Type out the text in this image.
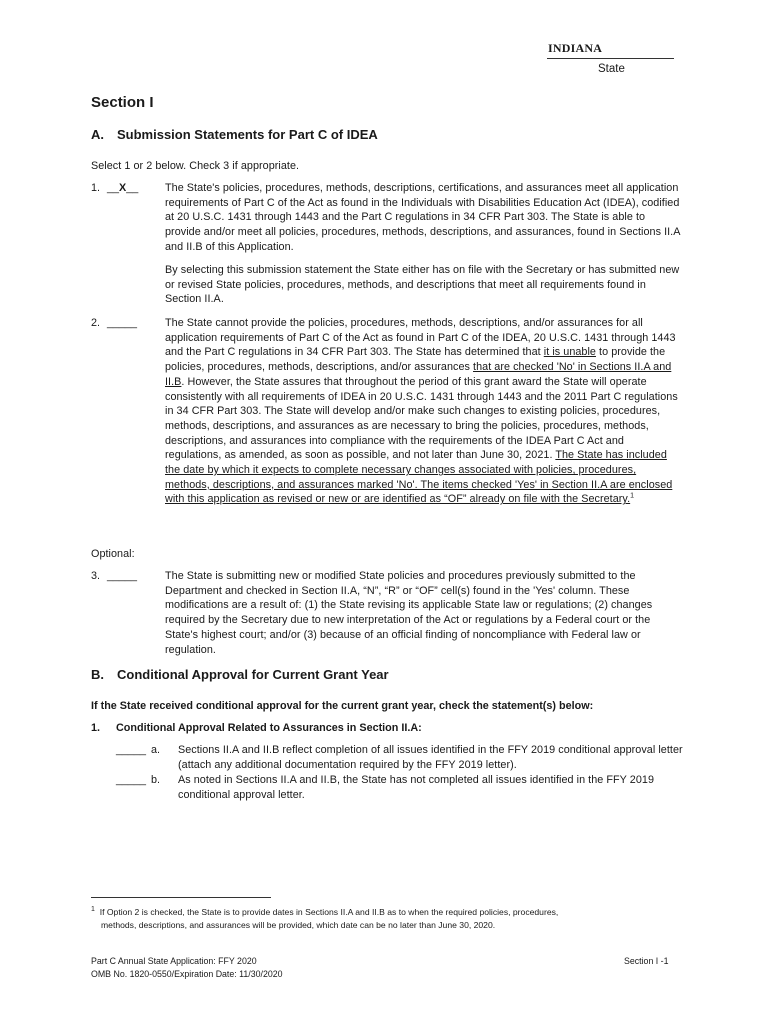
INDIANA
State
Section I
A. Submission Statements for Part C of IDEA
Select 1 or 2 below. Check 3 if appropriate.
1. __X__ The State's policies, procedures, methods, descriptions, certifications, and assurances meet all application requirements of Part C of the Act as found in the Individuals with Disabilities Education Act (IDEA), codified at 20 U.S.C. 1431 through 1443 and the Part C regulations in 34 CFR Part 303. The State is able to provide and/or meet all policies, procedures, methods, descriptions, and assurances, found in Sections II.A and II.B of this Application.
By selecting this submission statement the State either has on file with the Secretary or has submitted new or revised State policies, procedures, methods, and descriptions that meet all requirements found in Section II.A.
2. _____	The State cannot provide the policies, procedures, methods, descriptions, and/or assurances for all application requirements of Part C of the Act as found in Part C of the IDEA, 20 U.S.C. 1431 through 1443 and the Part C regulations in 34 CFR Part 303. The State has determined that it is unable to provide the policies, procedures, methods, descriptions, and/or assurances that are checked 'No' in Sections II.A and II.B. However, the State assures that throughout the period of this grant award the State will operate consistently with all requirements of IDEA in 20 U.S.C. 1431 through 1443 and the 2011 Part C regulations in 34 CFR Part 303. The State will develop and/or make such changes to existing policies, procedures, methods, descriptions, and assurances as are necessary to bring the policies, procedures, methods, descriptions, and assurances into compliance with the requirements of the IDEA Part C Act and regulations, as amended, as soon as possible, and not later than June 30, 2021. The State has included the date by which it expects to complete necessary changes associated with policies, procedures, methods, descriptions, and assurances marked 'No'. The items checked 'Yes' in Section II.A are enclosed with this application as revised or new or are identified as “OF” already on file with the Secretary.$^1$
Optional:
3. _____	The State is submitting new or modified State policies and procedures previously submitted to the Department and checked in Section II.A, “N”, “R” or “OF” cell(s) found in the 'Yes' column. These modifications are a result of: (1) the State revising its applicable State law or regulations; (2) changes required by the Secretary due to new interpretation of the Act or regulations by a Federal court or the State's highest court; and/or (3) because of an official finding of noncompliance with Federal law or regulation.
B. Conditional Approval for Current Grant Year
If the State received conditional approval for the current grant year, check the statement(s) below:
1. Conditional Approval Related to Assurances in Section II.A:
_____ a. Sections II.A and II.B reflect completion of all issues identified in the FFY 2019 conditional approval letter (attach any additional documentation required by the FFY 2019 letter).
_____ b. As noted in Sections II.A and II.B, the State has not completed all issues identified in the FFY 2019 conditional approval letter.
$^1$ If Option 2 is checked, the State is to provide dates in Sections II.A and II.B as to when the required policies, procedures,
methods, descriptions, and assurances will be provided, which date can be no later than June 30, 2020.
Part C Annual State Application: FFY 2020
OMB No. 1820-0550/Expiration Date: 11/30/2020
Section I -1
